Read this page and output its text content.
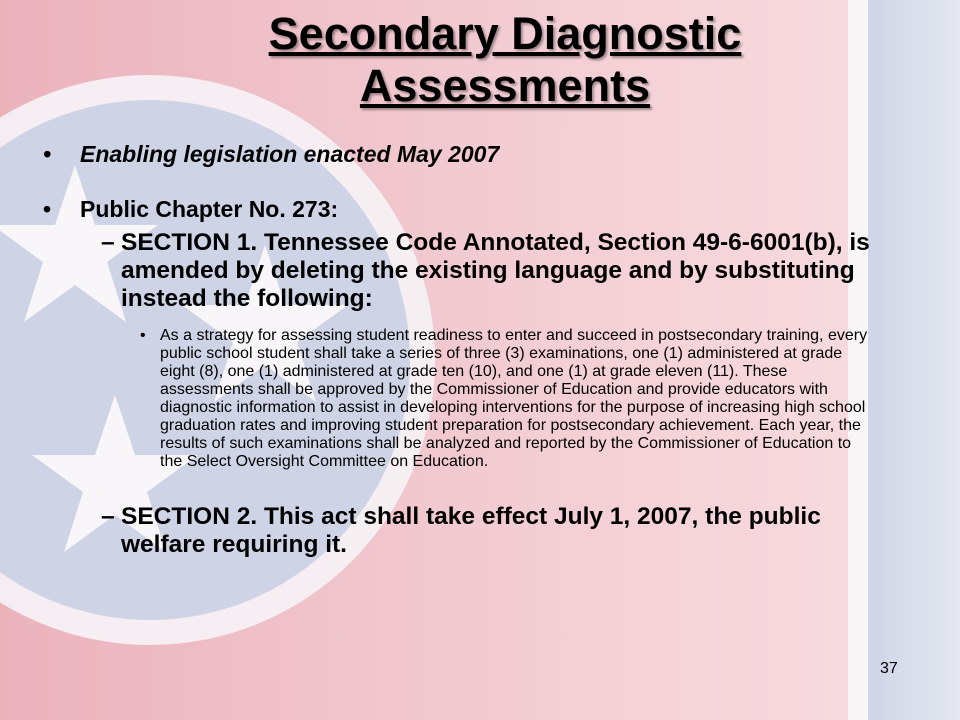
Secondary Diagnostic Assessments
• Enabling legislation enacted May 2007
• Public Chapter No. 273:
– SECTION 1. Tennessee Code Annotated, Section 49-6-6001(b), is amended by deleting the existing language and by substituting instead the following:
• As a strategy for assessing student readiness to enter and succeed in postsecondary training, every public school student shall take a series of three (3) examinations, one (1) administered at grade eight (8), one (1) administered at grade ten (10), and one (1) at grade eleven (11). These assessments shall be approved by the Commissioner of Education and provide educators with diagnostic information to assist in developing interventions for the purpose of increasing high school graduation rates and improving student preparation for postsecondary achievement. Each year, the results of such examinations shall be analyzed and reported by the Commissioner of Education to the Select Oversight Committee on Education.
– SECTION 2. This act shall take effect July 1, 2007, the public welfare requiring it.
37
